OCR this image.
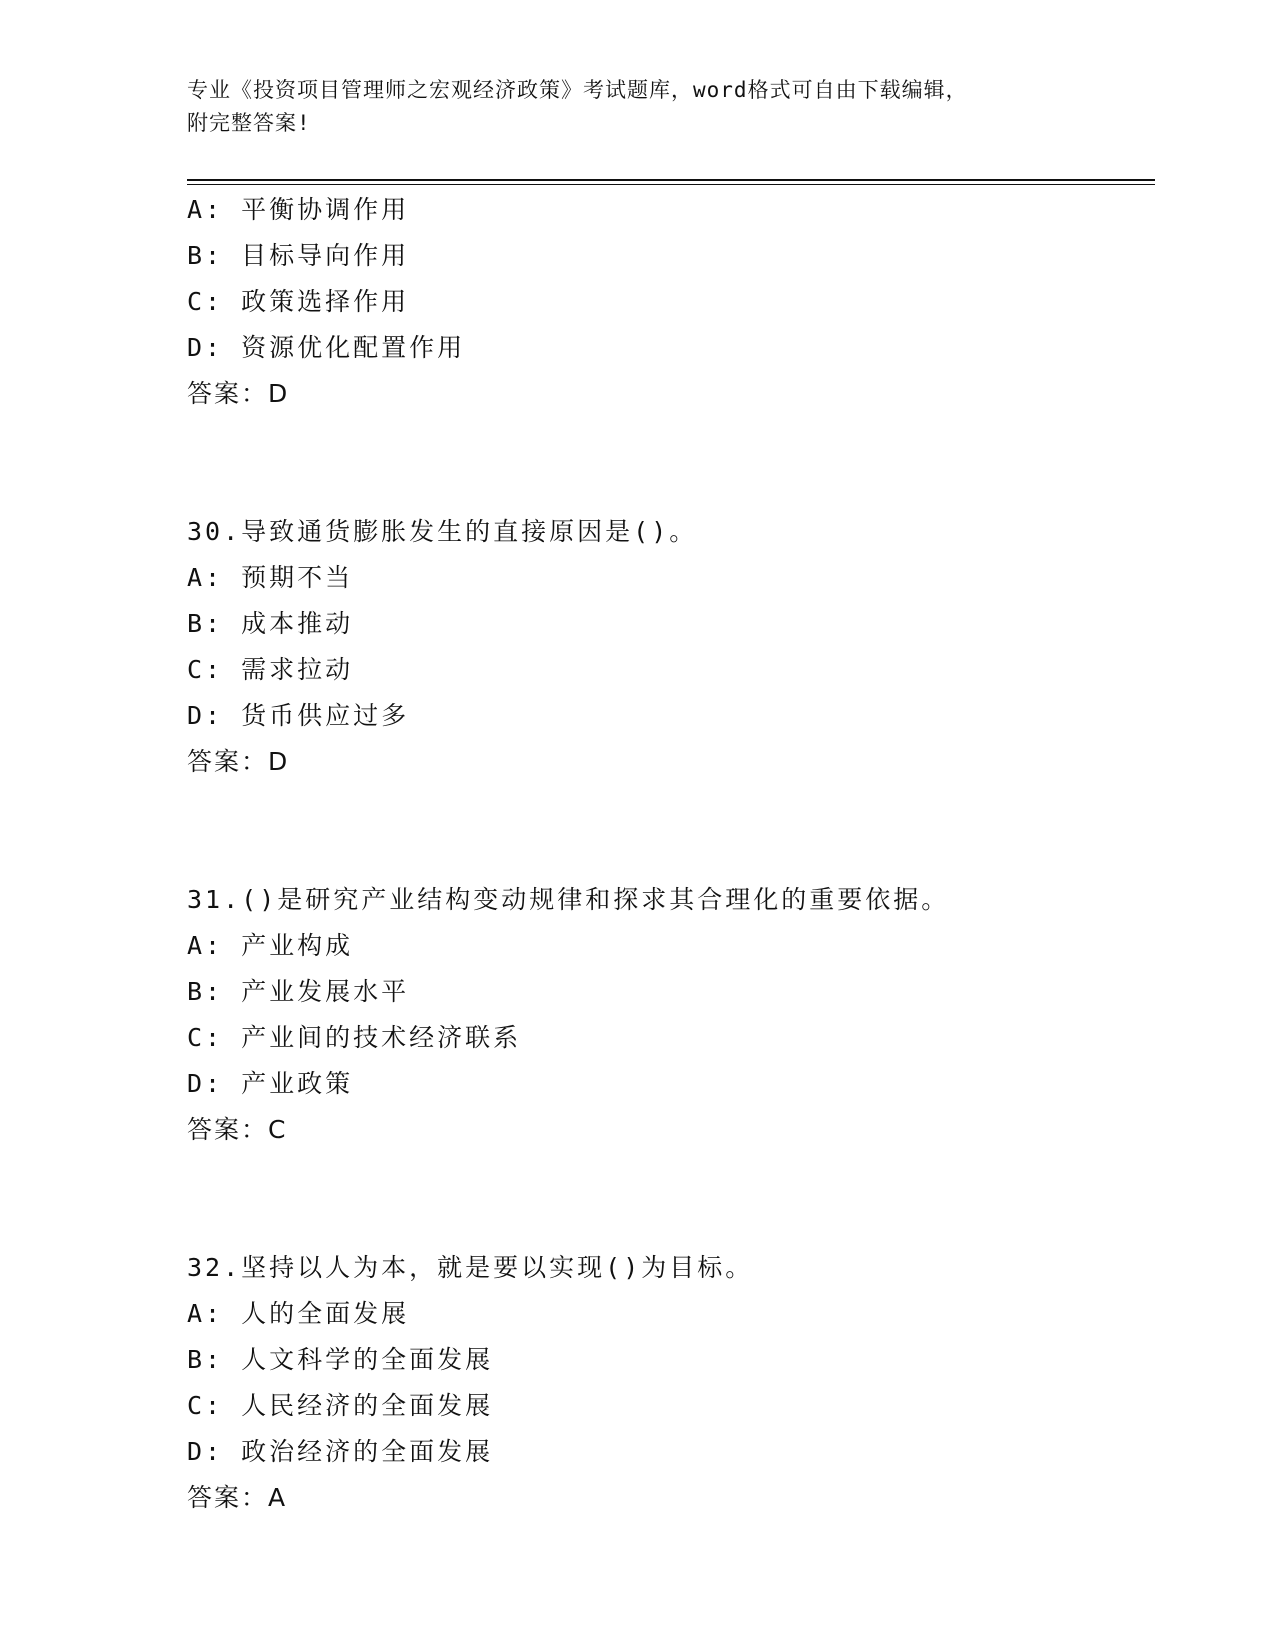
专业《投资项目管理师之宏观经济政策》考试题库，word格式可自由下载编辑，
附完整答案!
A: 平衡协调作用
B: 目标导向作用
C: 政策选择作用
D: 资源优化配置作用
答案：D
30.导致通货膨胀发生的直接原因是()。
A: 预期不当
B: 成本推动
C: 需求拉动
D: 货币供应过多
答案：D
31.()是研究产业结构变动规律和探求其合理化的重要依据。
A: 产业构成
B: 产业发展水平
C: 产业间的技术经济联系
D: 产业政策
答案：C
32.坚持以人为本，就是要以实现()为目标。
A: 人的全面发展
B: 人文科学的全面发展
C: 人民经济的全面发展
D: 政治经济的全面发展
答案：A
